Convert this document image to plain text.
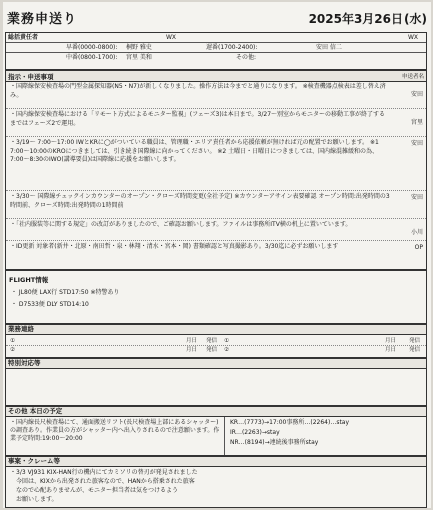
業務申送り	2025年3月26日(水)
総括責任者	WX	WX
早番(0000-0800): 桐野 雅史	遅番(1700-2400):	安田 信二
中番(0800-1700): 宮里 美和	その他:
指示・申送事項	申送者名
・国際線保安検査場の門型金属探知器(N5・N7)が新しくなりました。操作方法は今までと通りになります。 ※検査機器点検表は差し替え済み。	安田
・国内線保安検査場における「リモート方式によるモニター監視」(フェーズ3)は本日まで。3/27〜別室からモニターの移動工事が終了するまではフェーズ2で運用。	宮里
・3/19〜 7:00〜17:00 IWとKRに◯がついている職員は、管理職・エリア責任者から応援依頼が無ければ元の配置でお願いします。 ※1 7:00〜10:00のKROにつきましては、引き続き国際線に向かってください。 ※2 土曜日・日曜日につきましては、国内線混雑緩和の為、7:00〜8:30のIWO(講導要員)は国際線に応援をお願いします。
安田
・3/30〜 国際線チェックインカウンターのオープン・クローズ時間変更(全社予定) ※カウンターアサイン表要確認 オープン時間:出発時間の3時間前、クローズ時間:出発時間の1時間前
安田
・「社内服装等に関する規定」の改訂がありましたので、ご確認お願いします。ファイルは事務所ITV横の机上に置いています。
小川
・ID更新 対象者(新井・北原・南田哲・泉・林翔・清水・宮本・岡) 書類確認と写真撮影あり。3/30迄に必ずお願いします	OP
FLIGHT情報
・ JL80便 LAX行 STD17:50 ※特警あり
・ D7533便 DLY STD14:10
業務連絡
①	月日 発信 ①	月日 発信
②	月日 発信 ②	月日 発信
特別対応等
その他 本日の予定
・国内線長尺検査場にて、通面搬送リフト(長尺検査場上部にあるシャッター)の調査あり。作業員の方がシャッター内へ出入りされるので注意願います。作業予定時間:19:00〜20:00
KR…(7773)→17:00事務所…(2264)…stay
IR…(2263)→stay
NR…(8194)→連続後事務所stay
事案・クレーム等
・3/3 VJ931 KIX-HAN行の機内にてカミソリの替刃が発見されました
今回は、KIXから出発された旅客なので、HANから搭乗された旅客
なので心配ありませんが、モニター担当者は気をつけるよう
お願いします。
